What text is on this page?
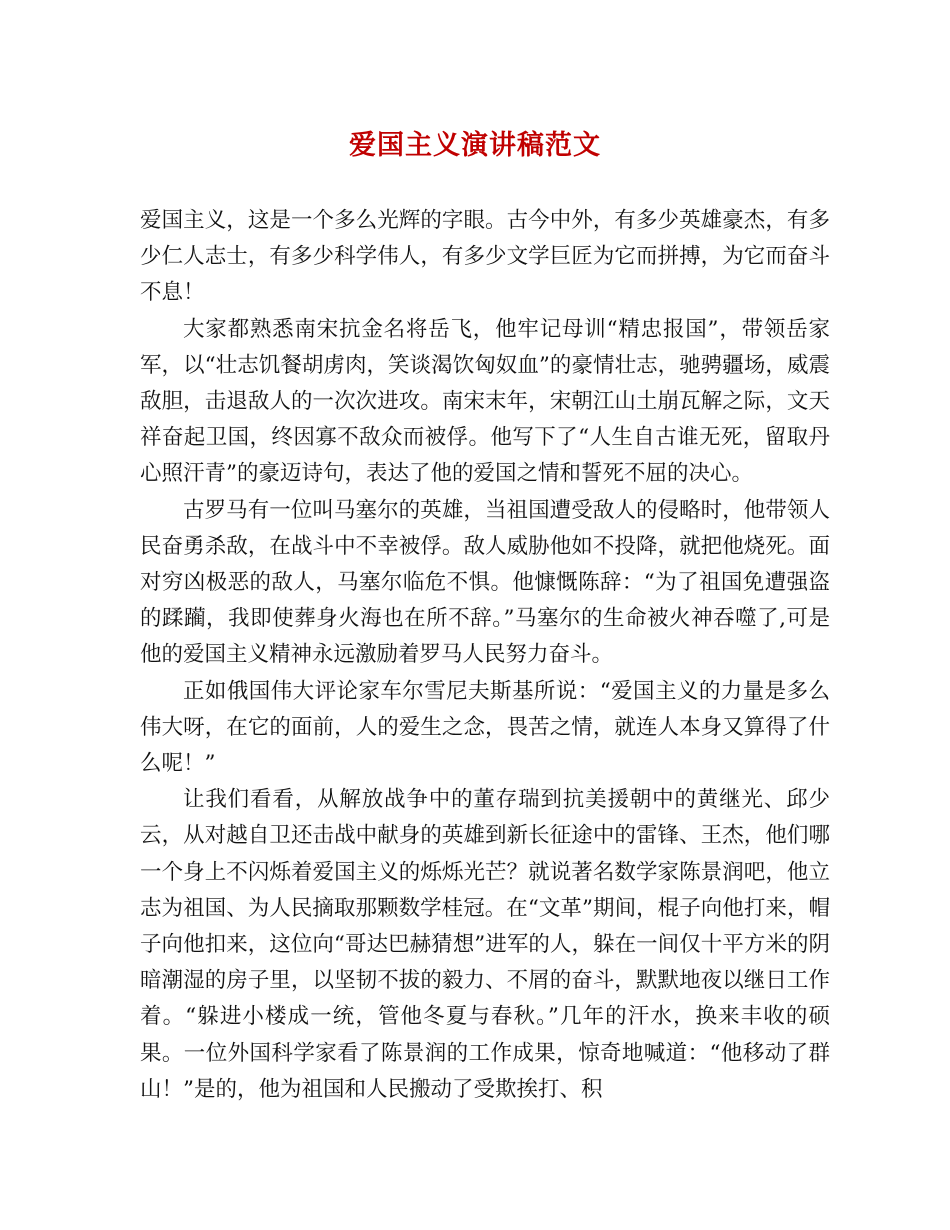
爱国主义演讲稿范文

爱国主义，这是一个多么光辉的字眼。古今中外，有多少英雄豪杰，有多少仁人志士，有多少科学伟人，有多少文学巨匠为它而拼搏，为它而奋斗不息！

大家都熟悉南宋抗金名将岳飞，他牢记母训“精忠报国”，带领岳家军，以“壮志饥餐胡虏肉，笑谈渴饮匈奴血”的豪情壮志，驰骋疆场，威震敌胆，击退敌人的一次次进攻。南宋末年，宋朝江山土崩瓦解之际，文天祥奋起卫国，终因寡不敌众而被俘。他写下了“人生自古谁无死，留取丹心照汗青”的豪迈诗句，表达了他的爱国之情和誓死不屈的决心。

古罗马有一位叫马塞尔的英雄，当祖国遭受敌人的侵略时，他带领人民奋勇杀敌，在战斗中不幸被俘。敌人威胁他如不投降，就把他烧死。面对穷凶极恶的敌人，马塞尔临危不惧。他慷慨陈辞：“为了祖国免遭强盗的蹂躏，我即使葬身火海也在所不辞。”马塞尔的生命被火神吞噬了,可是他的爱国主义精神永远激励着罗马人民努力奋斗。

正如俄国伟大评论家车尔雪尼夫斯基所说：“爱国主义的力量是多么伟大呀，在它的面前，人的爱生之念，畏苦之情，就连人本身又算得了什么呢！”

让我们看看，从解放战争中的董存瑞到抗美援朝中的黄继光、邱少云，从对越自卫还击战中献身的英雄到新长征途中的雷锋、王杰，他们哪一个身上不闪烁着爱国主义的烁烁光芒？就说著名数学家陈景润吧，他立志为祖国、为人民摘取那颗数学桂冠。在“文革”期间，棍子向他打来，帽子向他扣来，这位向“哥达巴赫猜想”进军的人，躲在一间仅十平方米的阴暗潮湿的房子里，以坚韧不拔的毅力、不屑的奋斗，默默地夜以继日工作着。“躲进小楼成一统，管他冬夏与春秋。”几年的汗水，换来丰收的硕果。一位外国科学家看了陈景润的工作成果，惊奇地喊道：“他移动了群山！”是的，他为祖国和人民搬动了受欺挨打、积
